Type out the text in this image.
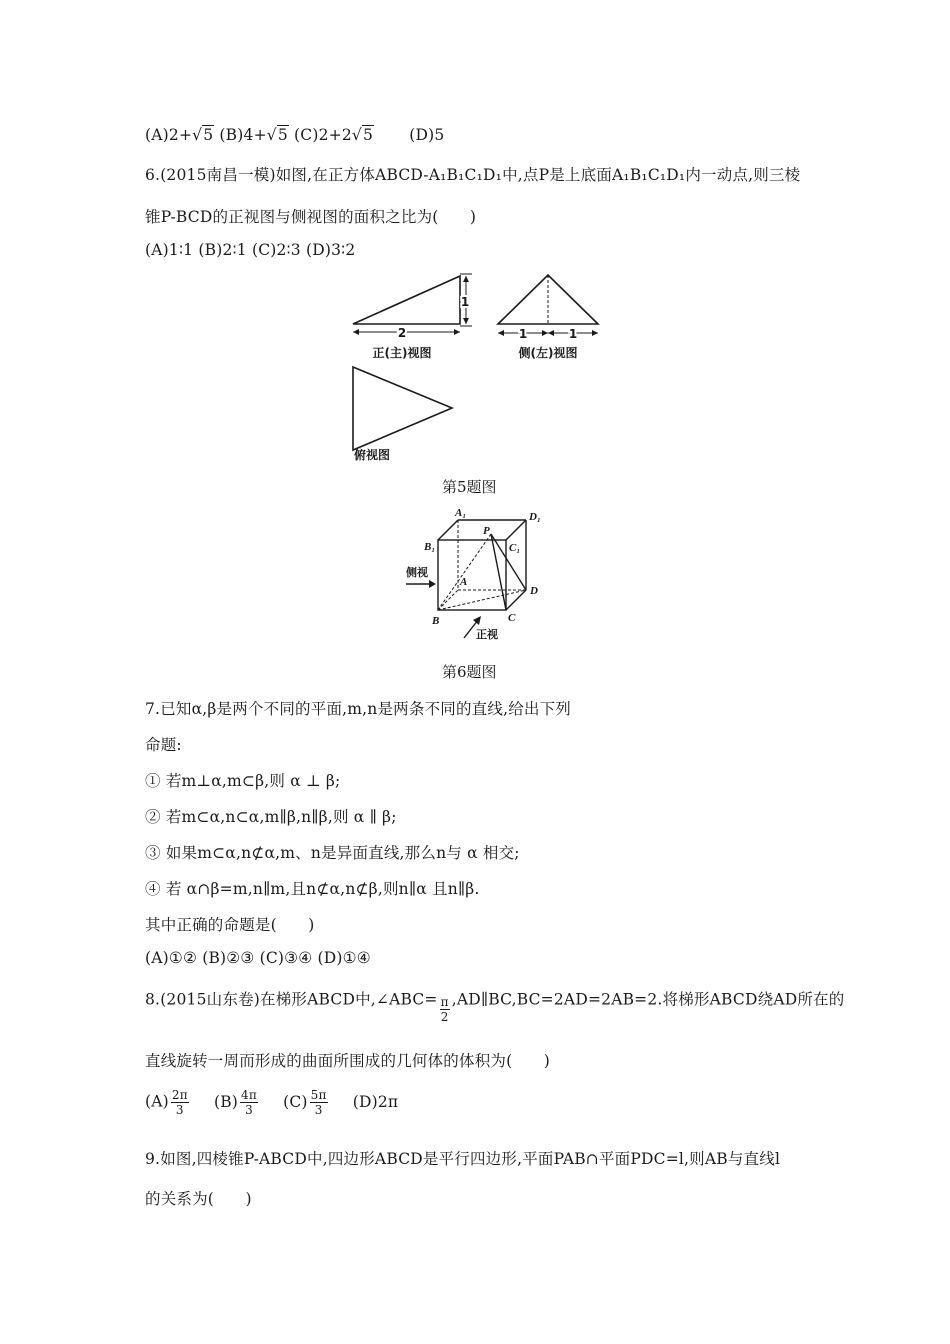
(A)2+√5 (B)4+√5 (C)2+2√5 (D)5
6.(2015南昌一模)如图,在正方体ABCD-A₁B₁C₁D₁中,点P是上底面A₁B₁C₁D₁内一动点,则三棱
锥P-BCD的正视图与侧视图的面积之比为(　　)
(A)1∶1 (B)2∶1 (C)2∶3 (D)3∶2
1
2
正(主)视图
1	1
侧(左)视图
俯视图
第5题图
A₁	D₁
P
B₁	C₁
A
D
B	C
侧视
正视
第6题图
7.已知α,β是两个不同的平面,m,n是两条不同的直线,给出下列
命题:
① 若m⊥α,m⊂β,则 α ⊥ β;
② 若m⊂α,n⊂α,m∥β,n∥β,则 α ∥ β;
③ 如果m⊂α,n⊄α,m、n是异面直线,那么n与 α 相交;
④ 若 α∩β=m,n∥m,且n⊄α,n⊄β,则n∥α 且n∥β.
其中正确的命题是(　　)
(A)①② (B)②③ (C)③④ (D)①④
8.(2015山东卷)在梯形ABCD中,∠ABC= $\frac{\pi}{2}$ ,AD∥BC,BC=2AD=2AB=2.将梯形ABCD绕AD所在的
直线旋转一周而形成的曲面所围成的几何体的体积为(　　)
$(A) \frac{2\pi}{3} (B) \frac{4\pi}{3} (C) \frac{5\pi}{3} (D)2\pi$
9.如图,四棱锥P-ABCD中,四边形ABCD是平行四边形,平面PAB∩平面PDC=l,则AB与直线l
的关系为(　　)
